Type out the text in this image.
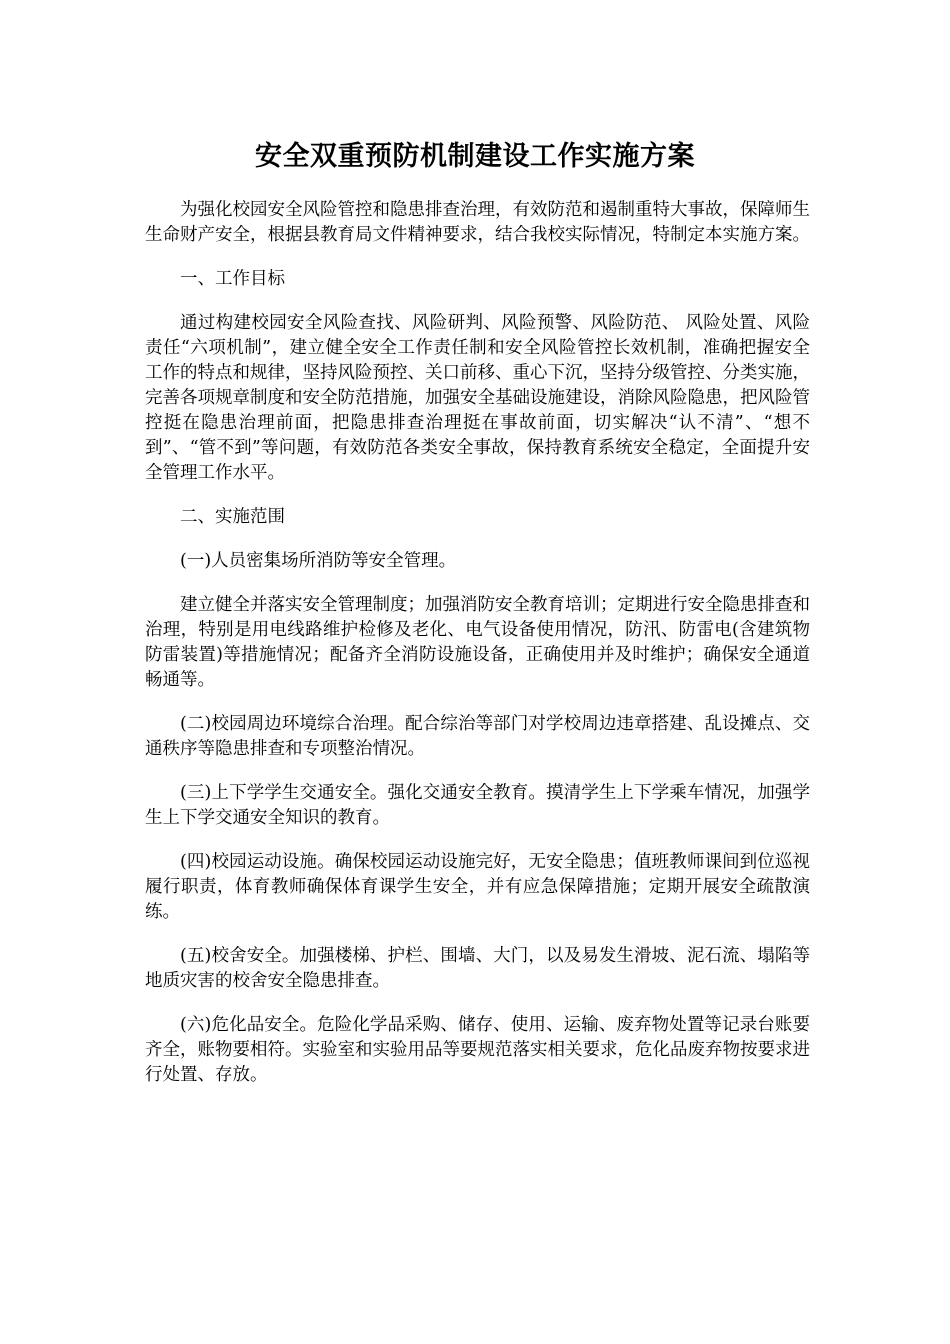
安全双重预防机制建设工作实施方案

为强化校园安全风险管控和隐患排查治理，有效防范和遏制重特大事故，保障师生生命财产安全，根据县教育局文件精神要求，结合我校实际情况，特制定本实施方案。

一、工作目标

通过构建校园安全风险查找、风险研判、风险预警、风险防范、 风险处置、风险责任“六项机制”，建立健全安全工作责任制和安全风险管控长效机制，准确把握安全工作的特点和规律，坚持风险预控、关口前移、重心下沉，坚持分级管控、分类实施，完善各项规章制度和安全防范措施，加强安全基础设施建设，消除风险隐患，把风险管控挺在隐患治理前面，把隐患排查治理挺在事故前面，切实解决“认不清”、“想不到”、“管不到”等问题，有效防范各类安全事故，保持教育系统安全稳定，全面提升安全管理工作水平。

二、实施范围

(一)人员密集场所消防等安全管理。

建立健全并落实安全管理制度；加强消防安全教育培训；定期进行安全隐患排查和治理，特别是用电线路维护检修及老化、电气设备使用情况，防汛、防雷电(含建筑物防雷装置)等措施情况；配备齐全消防设施设备，正确使用并及时维护；确保安全通道畅通等。

(二)校园周边环境综合治理。配合综治等部门对学校周边违章搭建、乱设摊点、交通秩序等隐患排查和专项整治情况。

(三)上下学学生交通安全。强化交通安全教育。摸清学生上下学乘车情况，加强学生上下学交通安全知识的教育。

(四)校园运动设施。确保校园运动设施完好，无安全隐患；值班教师课间到位巡视履行职责，体育教师确保体育课学生安全，并有应急保障措施；定期开展安全疏散演练。

(五)校舍安全。加强楼梯、护栏、围墙、大门，以及易发生滑坡、泥石流、塌陷等地质灾害的校舍安全隐患排查。

(六)危化品安全。危险化学品采购、储存、使用、运输、废弃物处置等记录台账要齐全，账物要相符。实验室和实验用品等要规范落实相关要求，危化品废弃物按要求进行处置、存放。
